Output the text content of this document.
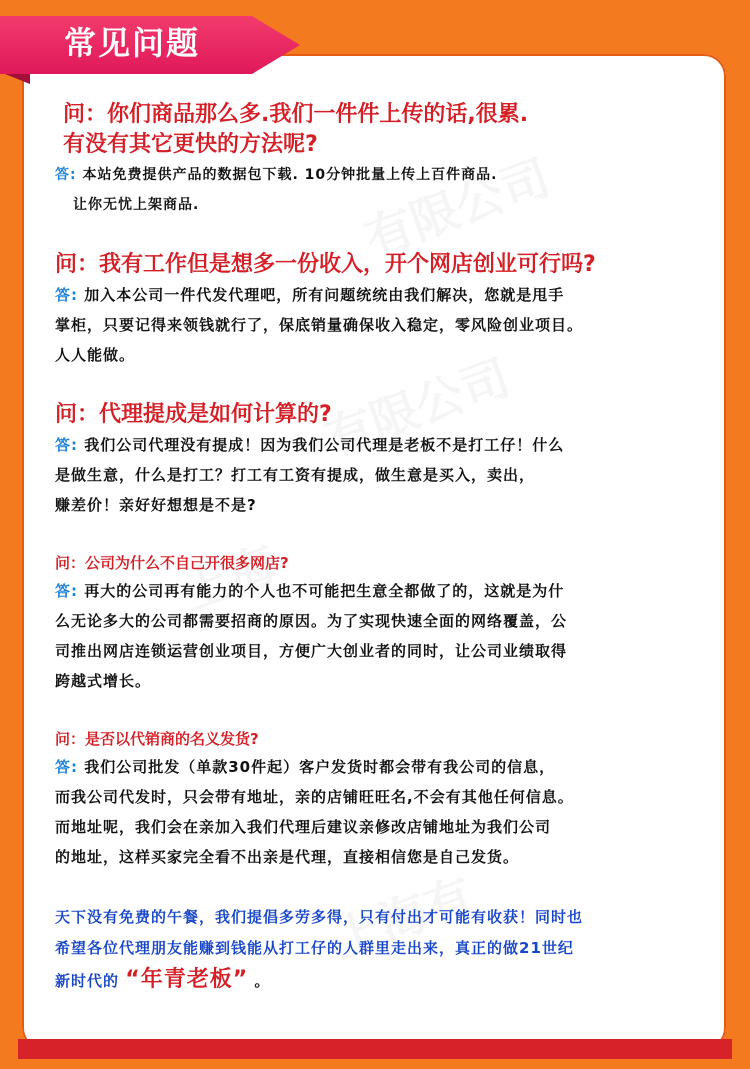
常见问题
问：你们商品那么多.我们一件件上传的话,很累.
有没有其它更快的方法呢?
答: 本站免费提供产品的数据包下载. 10分钟批量上传上百件商品.
让你无忧上架商品.
问：我有工作但是想多一份收入，开个网店创业可行吗?
答: 加入本公司一件代发代理吧，所有问题统统由我们解决，您就是甩手
掌柜，只要记得来领钱就行了，保底销量确保收入稳定，零风险创业项目。
人人能做。
问：代理提成是如何计算的?
答: 我们公司代理没有提成！因为我们公司代理是老板不是打工仔！什么
是做生意，什么是打工？打工有工资有提成，做生意是买入，卖出，
赚差价！亲好好想想是不是?
问：公司为什么不自己开很多网店?
答: 再大的公司再有能力的个人也不可能把生意全都做了的，这就是为什
么无论多大的公司都需要招商的原因。为了实现快速全面的网络覆盖，公
司推出网店连锁运营创业项目，方便广大创业者的同时，让公司业绩取得
跨越式增长。
问：是否以代销商的名义发货?
答: 我们公司批发（单款30件起）客户发货时都会带有我公司的信息，
而我公司代发时，只会带有地址，亲的店铺旺旺名,不会有其他任何信息。
而地址呢，我们会在亲加入我们代理后建议亲修改店铺地址为我们公司
的地址，这样买家完全看不出亲是代理，直接相信您是自己发货。
天下没有免费的午餐，我们提倡多劳多得，只有付出才可能有收获！同时也
希望各位代理朋友能赚到钱能从打工仔的人群里走出来，真正的做21世纪
新时代的 “年青老板” 。
